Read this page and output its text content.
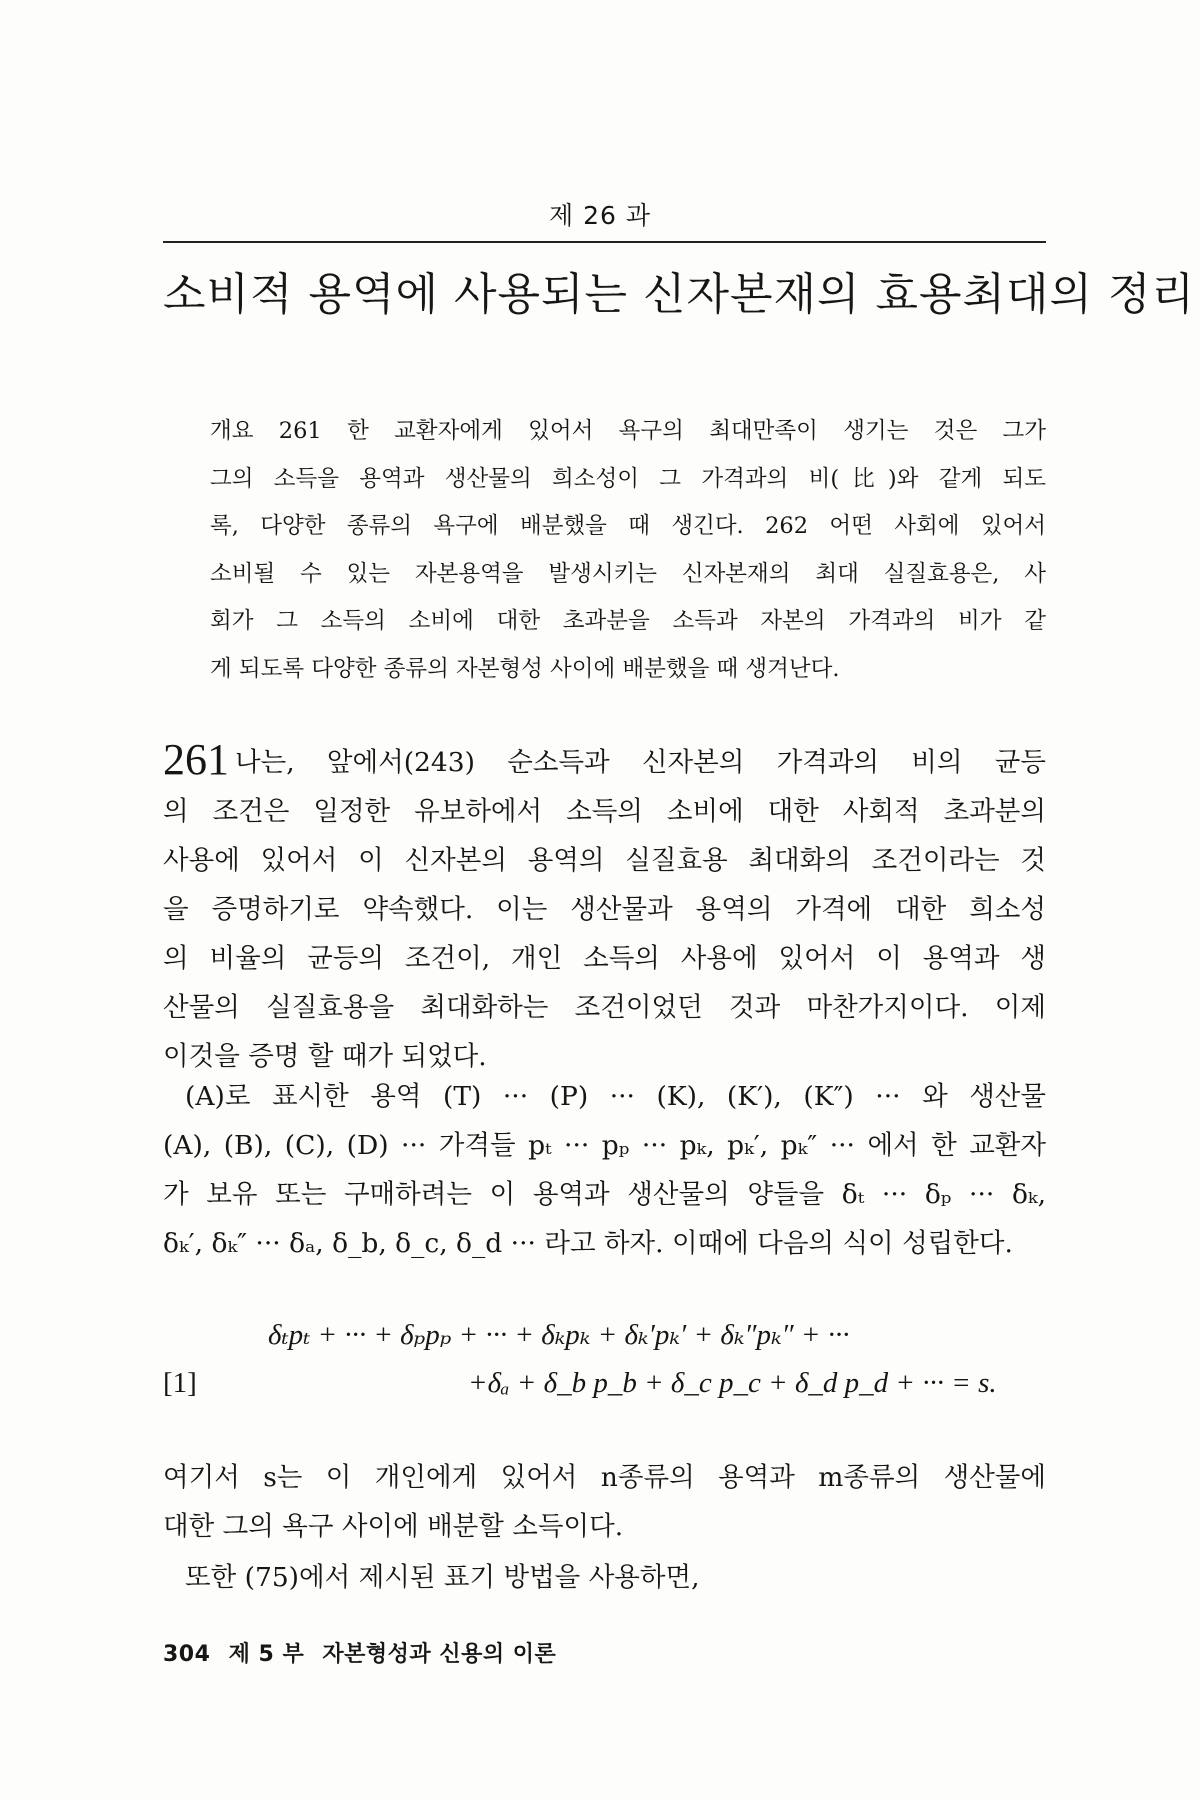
제 26 과
소비적 용역에 사용되는 신자본재의 효용최대의 정리
개요 261 한 교환자에게 있어서 욕구의 최대만족이 생기는 것은 그가
그의 소득을 용역과 생산물의 희소성이 그 가격과의 비(比)와 같게 되도
록, 다양한 종류의 욕구에 배분했을 때 생긴다. 262 어떤 사회에 있어서
소비될 수 있는 자본용역을 발생시키는 신자본재의 최대 실질효용은, 사
회가 그 소득의 소비에 대한 초과분을 소득과 자본의 가격과의 비가 같
게 되도록 다양한 종류의 자본형성 사이에 배분했을 때 생겨난다.
261 나는, 앞에서(243) 순소득과 신자본의 가격과의 비의 균등
의 조건은 일정한 유보하에서 소득의 소비에 대한 사회적 초과분의
사용에 있어서 이 신자본의 용역의 실질효용 최대화의 조건이라는 것
을 증명하기로 약속했다. 이는 생산물과 용역의 가격에 대한 희소성
의 비율의 균등의 조건이, 개인 소득의 사용에 있어서 이 용역과 생
산물의 실질효용을 최대화하는 조건이었던 것과 마찬가지이다. 이제
이것을 증명 할 때가 되었다.
(A)로 표시한 용역 (T) ··· (P) ··· (K), (K′), (K″) ··· 와 생산물
(A), (B), (C), (D) ··· 가격들 pₜ ··· pₚ ··· pₖ, pₖ′, pₖ″ ··· 에서 한 교환자
가 보유 또는 구매하려는 이 용역과 생산물의 양들을 δₜ ··· δₚ ··· δₖ,
δₖ′, δₖ″ ··· δₐ, δ_b, δ_c, δ_d ··· 라고 하자. 이때에 다음의 식이 성립한다.
δₜpₜ + ··· + δₚpₚ + ··· + δₖpₖ + δₖ′pₖ′ + δₖ″pₖ″ + ···
[1]	+δₐ + δ_b p_b + δ_c p_c + δ_d p_d + ··· = s.
여기서 s는 이 개인에게 있어서 n종류의 용역과 m종류의 생산물에
대한 그의 욕구 사이에 배분할 소득이다.
또한 (75)에서 제시된 표기 방법을 사용하면,
304 제 5 부 자본형성과 신용의 이론
